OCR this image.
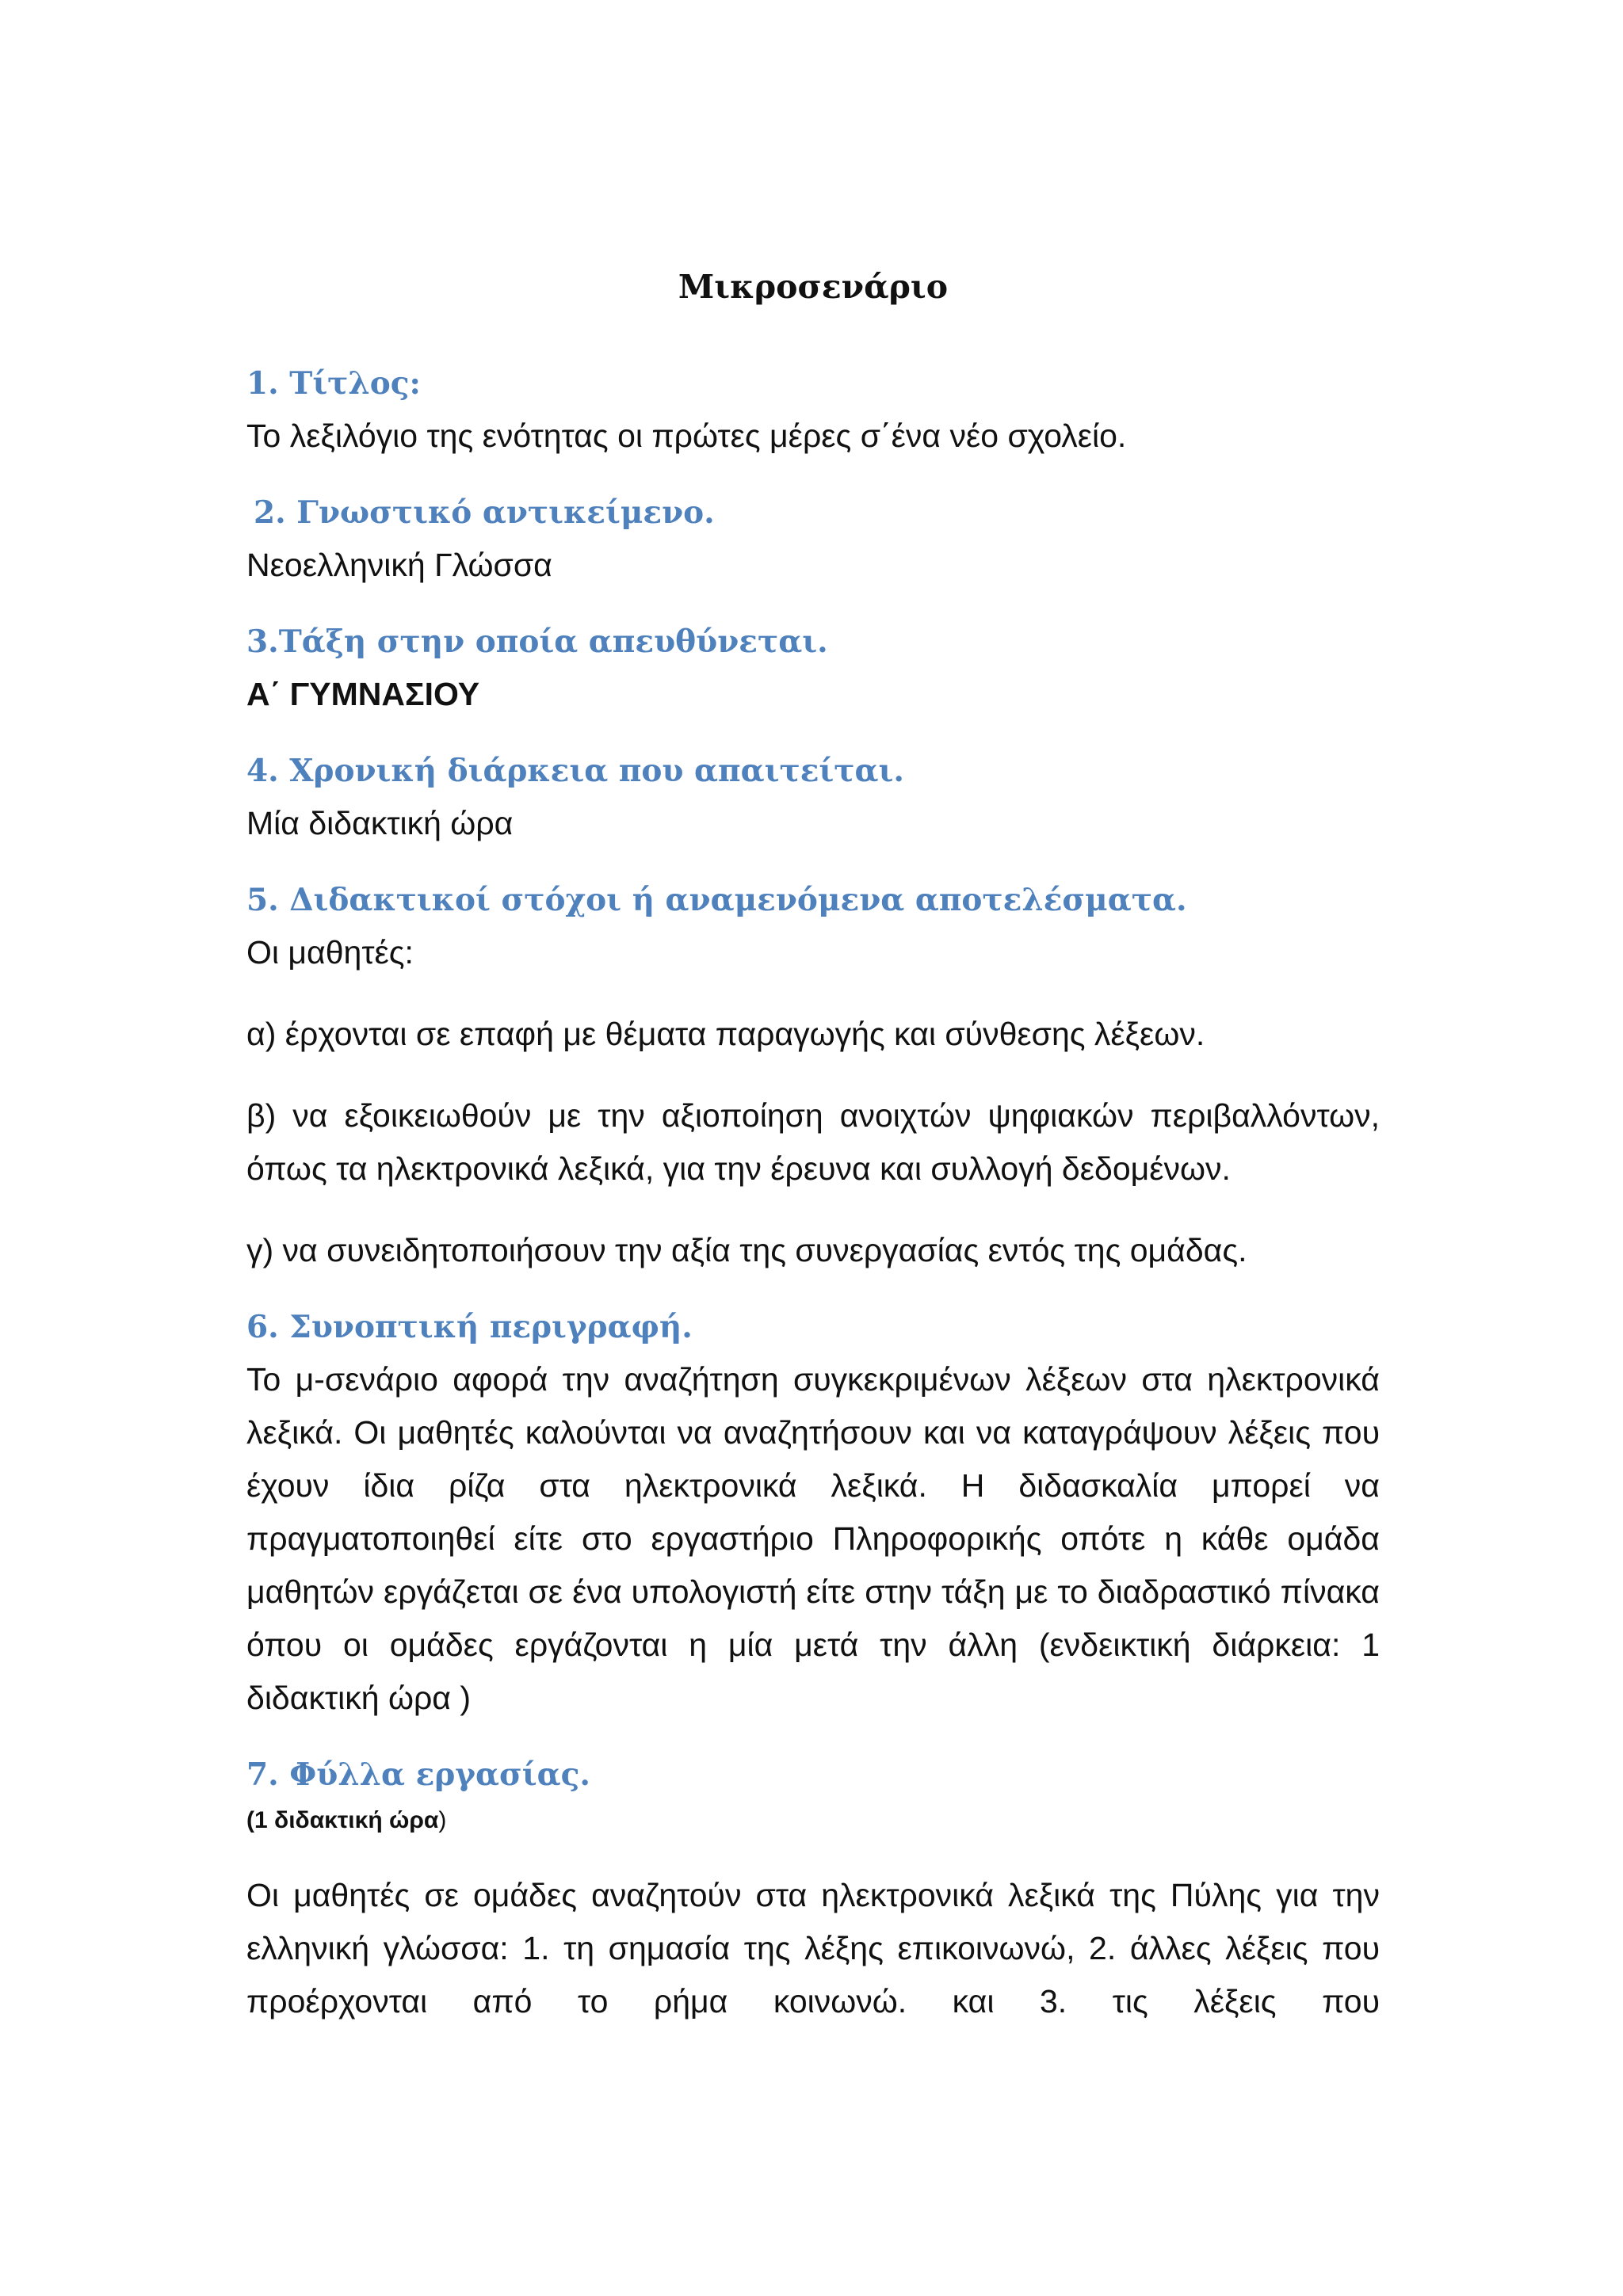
Μικροσενάριο
1. Τίτλος:
Το λεξιλόγιο της ενότητας οι πρώτες μέρες σ΄ένα νέο σχολείο.
2. Γνωστικό αντικείμενο.
Νεοελληνική Γλώσσα
3.Τάξη στην οποία απευθύνεται.
Α΄ ΓΥΜΝΑΣΙΟΥ
4. Χρονική διάρκεια που απαιτείται.
Μία διδακτική ώρα
5. Διδακτικοί στόχοι ή αναμενόμενα αποτελέσματα.
Οι μαθητές:
α) έρχονται σε επαφή με θέματα παραγωγής και σύνθεσης λέξεων.
β) να εξοικειωθούν με την αξιοποίηση ανοιχτών ψηφιακών περιβαλλόντων, όπως τα ηλεκτρονικά λεξικά, για την έρευνα και συλλογή δεδομένων.
γ) να συνειδητοποιήσουν την αξία της συνεργασίας εντός της ομάδας.
6. Συνοπτική περιγραφή.
Το μ-σενάριο αφορά την αναζήτηση συγκεκριμένων λέξεων στα ηλεκτρονικά λεξικά. Οι μαθητές καλούνται να αναζητήσουν και να καταγράψουν λέξεις που έχουν ίδια ρίζα στα ηλεκτρονικά λεξικά. Η διδασκαλία μπορεί να πραγματοποιηθεί είτε στο εργαστήριο Πληροφορικής οπότε η κάθε ομάδα μαθητών εργάζεται σε ένα υπολογιστή είτε στην τάξη με το διαδραστικό πίνακα όπου οι ομάδες εργάζονται η μία μετά την άλλη (ενδεικτική διάρκεια: 1 διδακτική ώρα )
7. Φύλλα εργασίας.
(1 διδακτική ώρα)
Οι μαθητές σε ομάδες αναζητούν στα ηλεκτρονικά λεξικά της Πύλης για την ελληνική γλώσσα: 1. τη σημασία της λέξης επικοινωνώ, 2. άλλες λέξεις που προέρχονται από το ρήμα κοινωνώ. και 3. τις λέξεις που
